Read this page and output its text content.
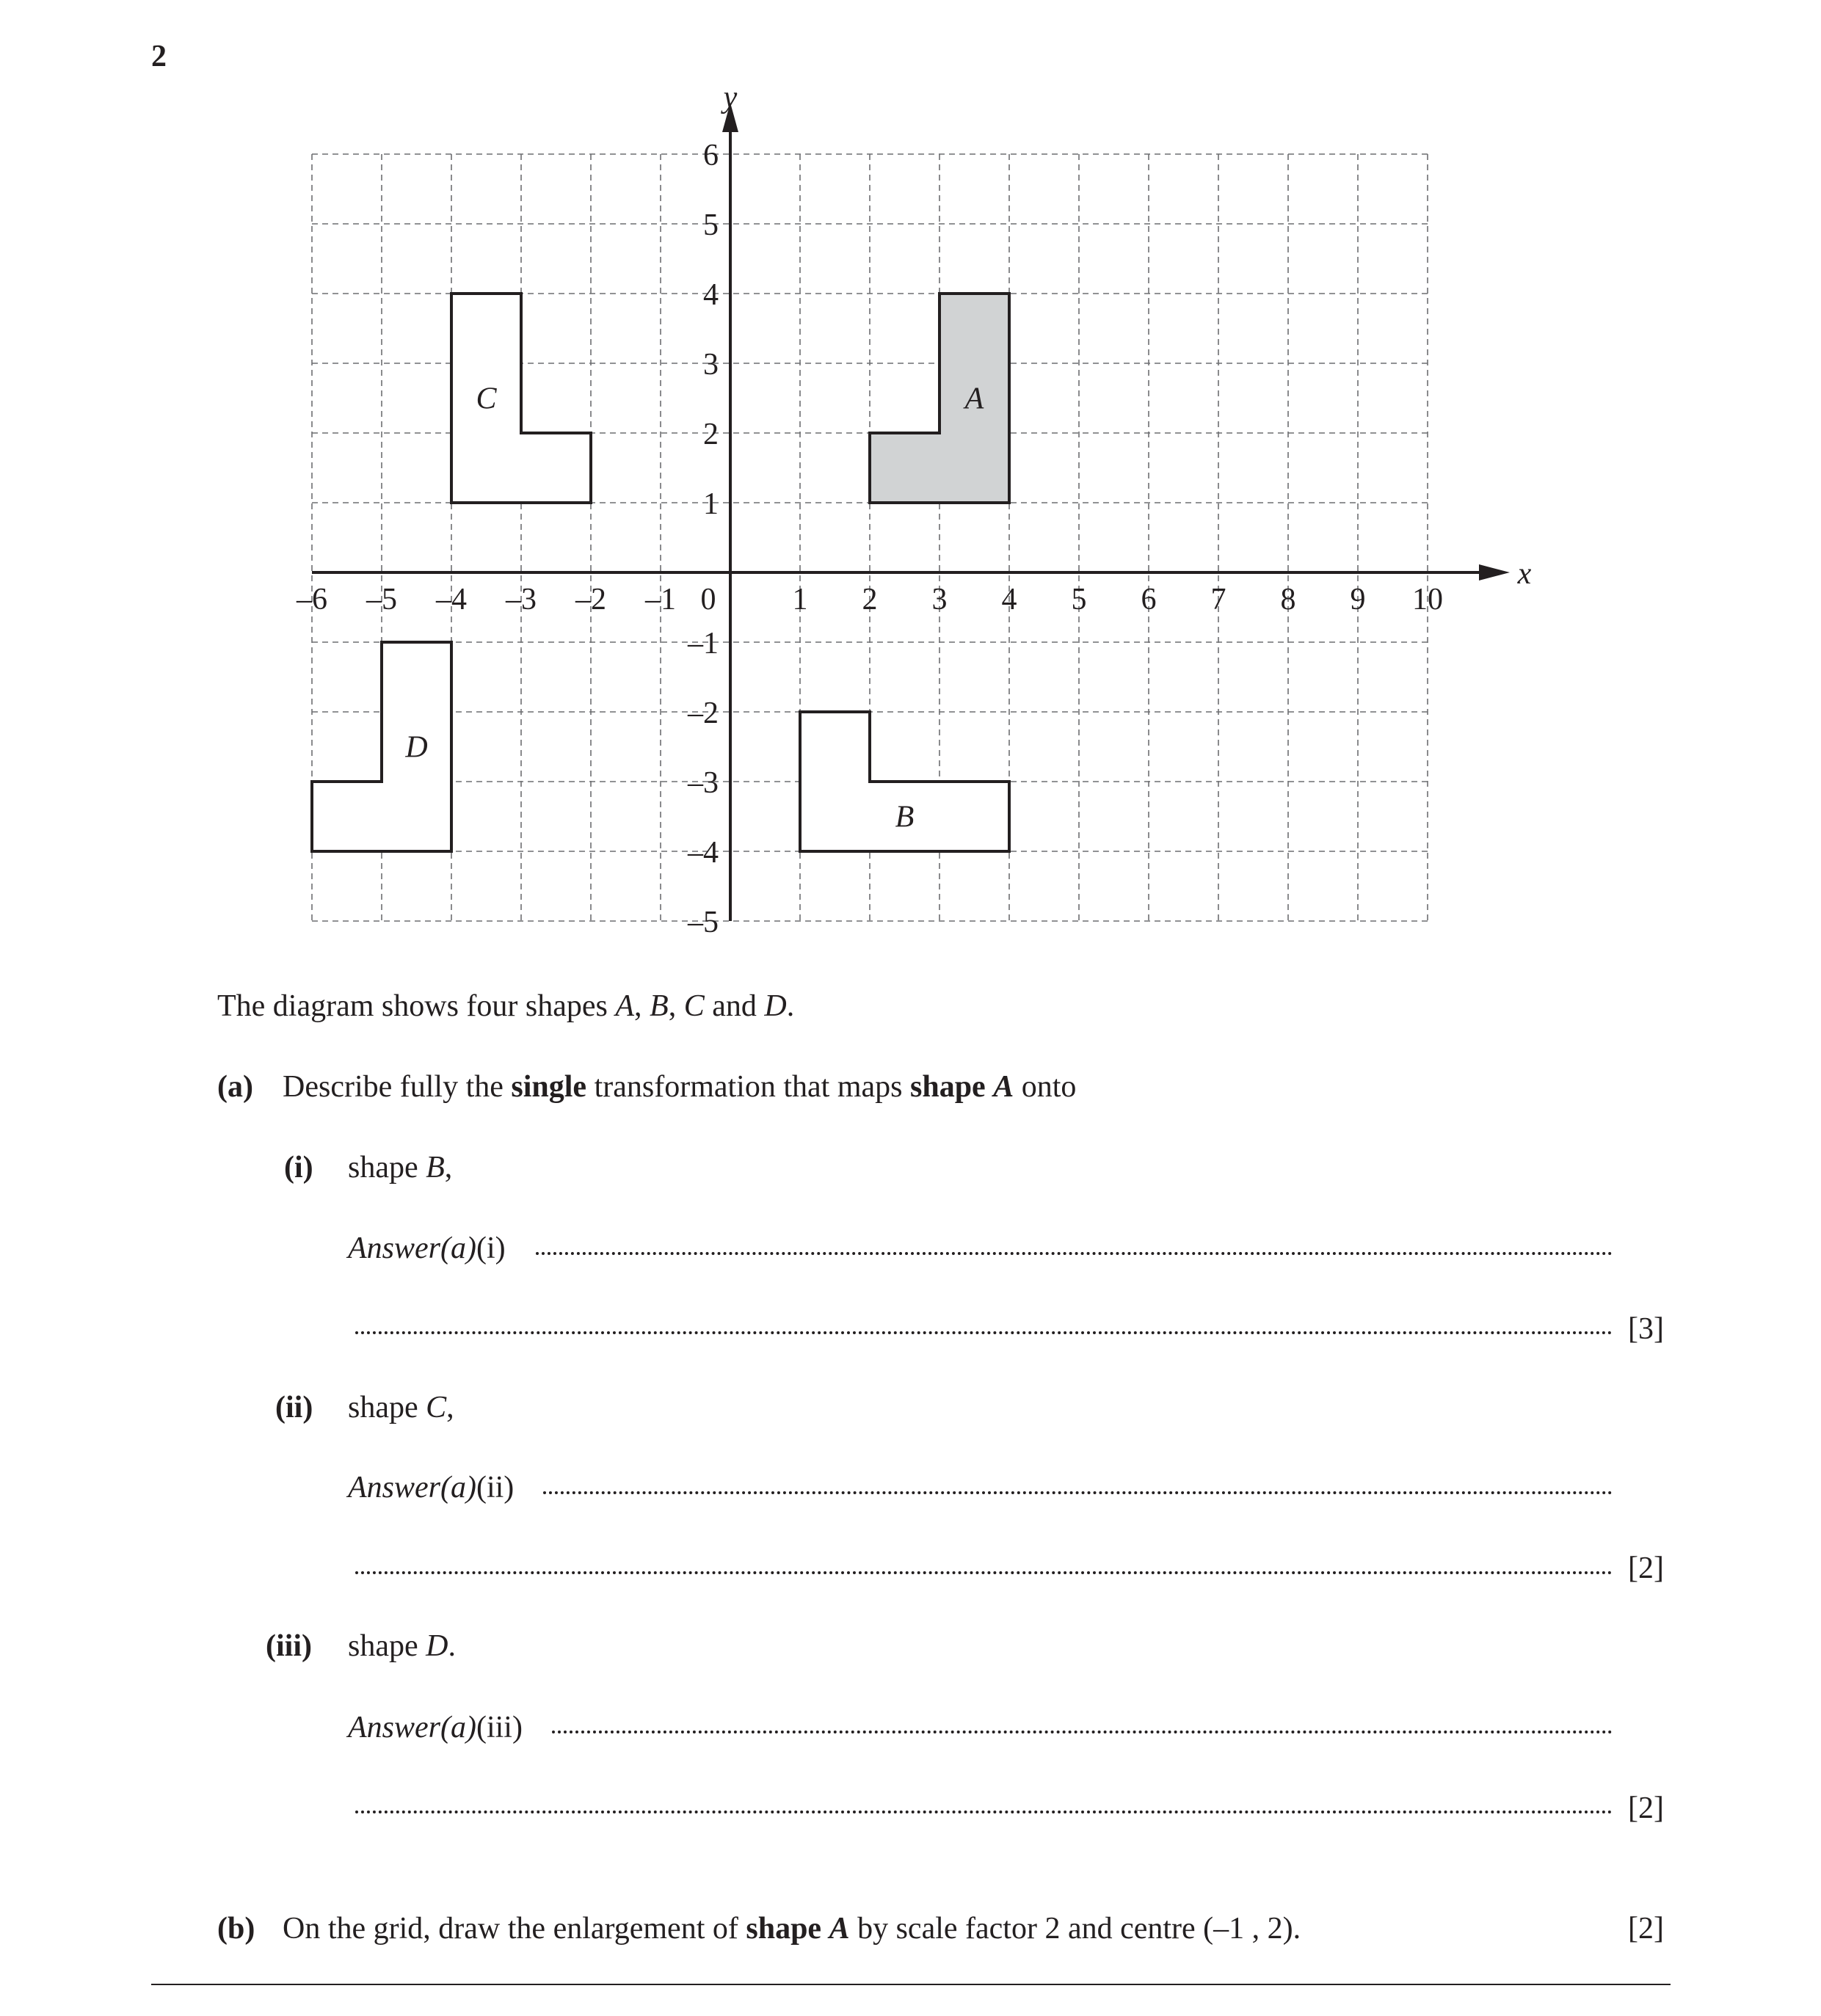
2
A
B
C
D
x
y
–6 –5 –4 –3 –2 –1 0 1 2 3 4 5 6 7 8 9 10
6
5
4
3
2
1
–1
–2
–3
–4
–5
The diagram shows four shapes A, B, C and D.
(a) Describe fully the single transformation that maps shape A onto
(i) shape B,
Answer(a)(i)
[3]
(ii) shape C,
Answer(a)(ii)
[2]
(iii) shape D.
Answer(a)(iii)
[2]
(b) On the grid, draw the enlargement of shape A by scale factor 2 and centre (–1 , 2).	[2]
